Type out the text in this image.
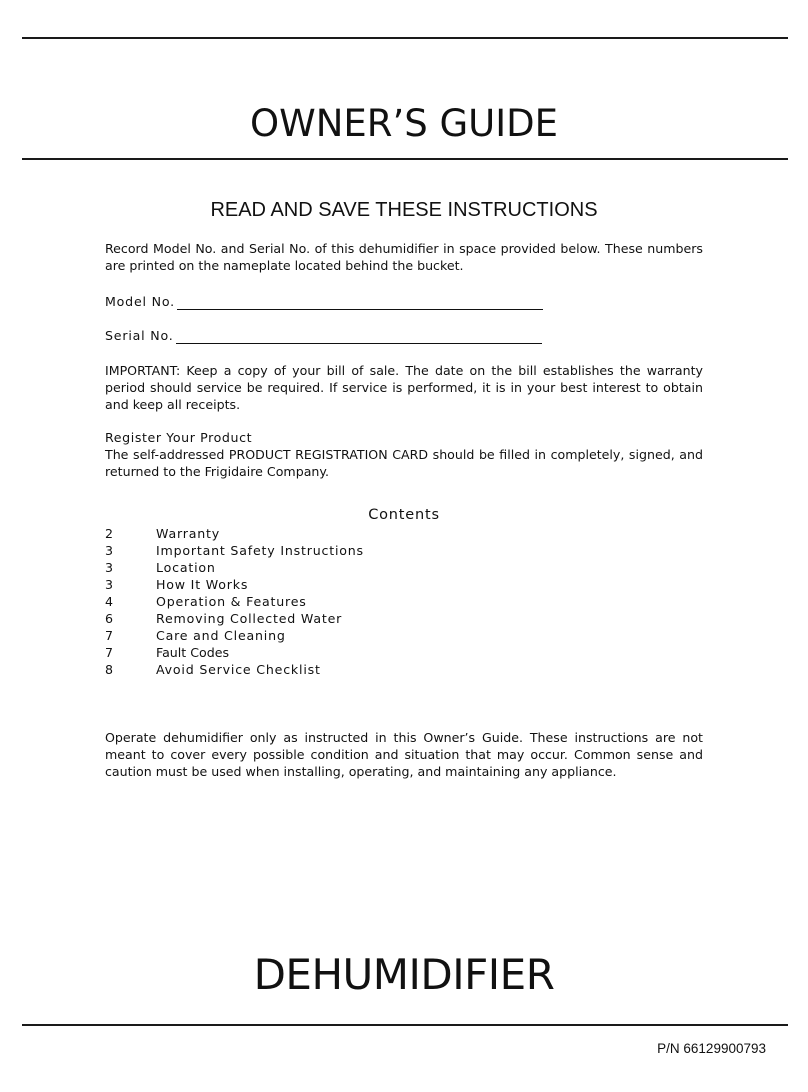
OWNER’S GUIDE
READ AND SAVE THESE INSTRUCTIONS

Record Model No. and Serial No. of this dehumidifier in space provided below. These numbers are printed on the nameplate located behind the bucket.

Model No.
Serial No.

IMPORTANT: Keep a copy of your bill of sale. The date on the bill establishes the warranty period should service be required. If service is performed, it is in your best interest to obtain and keep all receipts.

Register Your Product

The self-addressed PRODUCT REGISTRATION CARD should be filled in completely, signed, and returned to the Frigidaire Company.

Contents
2	Warranty
3	Important Safety Instructions
3	Location
3	How It Works
4	Operation & Features
6	Removing Collected Water
7	Care and Cleaning
7	Fault Codes
8	Avoid Service Checklist

Operate dehumidifier only as instructed in this Owner’s Guide. These instructions are not meant to cover every possible condition and situation that may occur. Common sense and caution must be used when installing, operating, and maintaining any appliance.

DEHUMIDIFIER

P/N 66129900793
